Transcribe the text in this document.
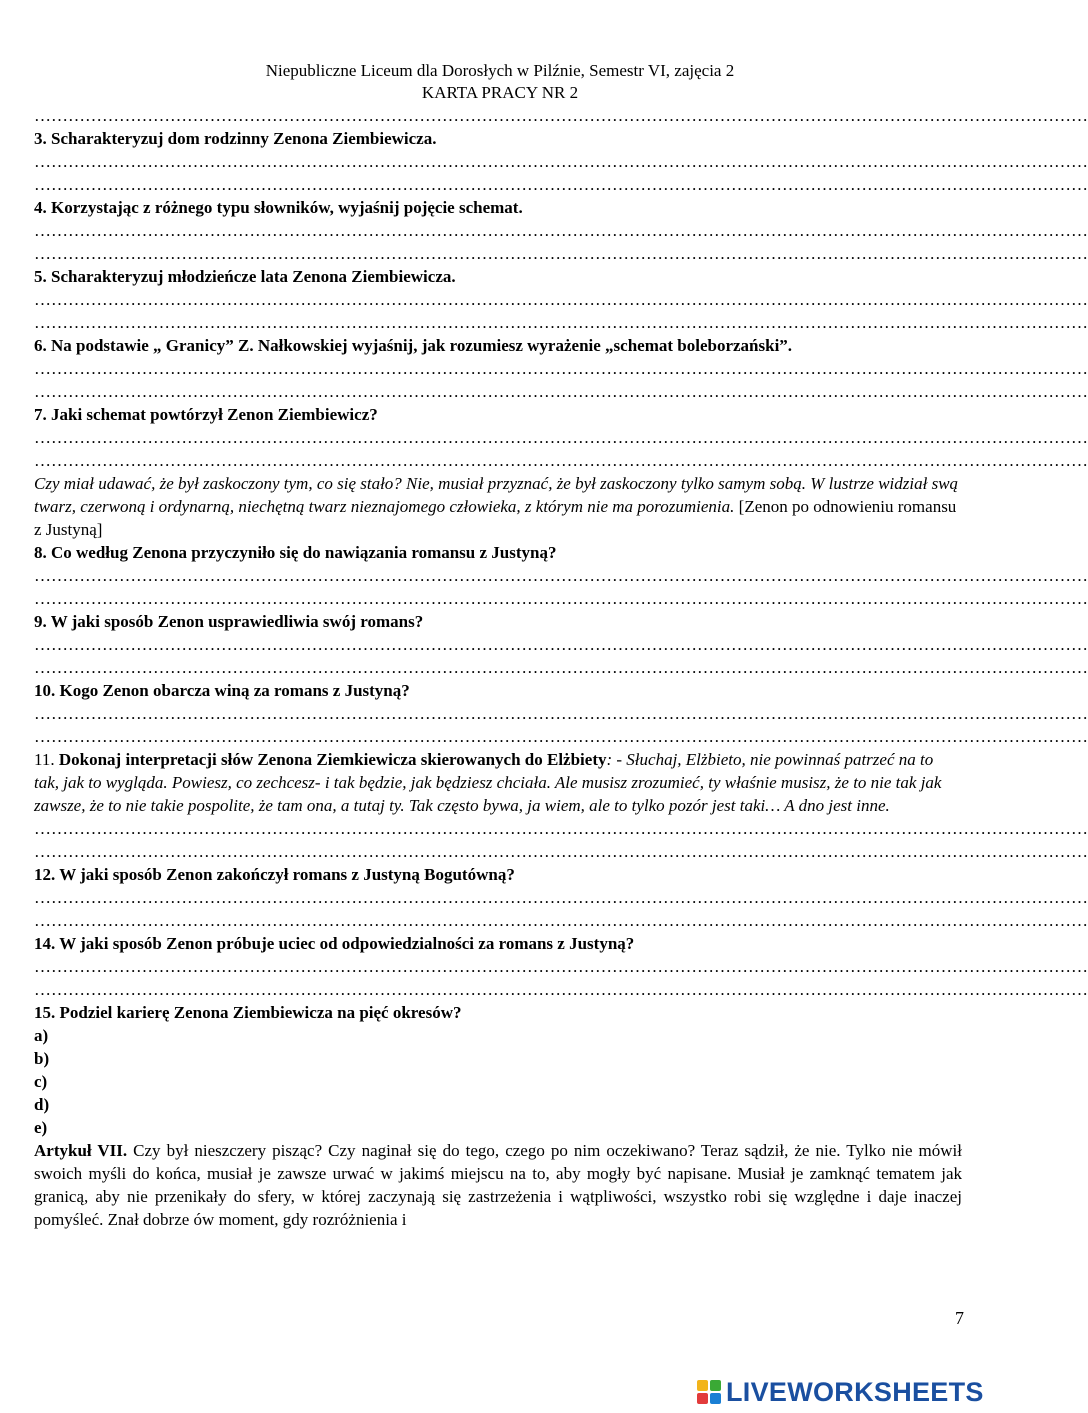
Niepubliczne Liceum dla Dorosłych w Pilźnie, Semestr VI, zajęcia 2
KARTA PRACY NR 2
……………………………………………………………………………………………………………………………………………………………………
3. Scharakteryzuj dom rodzinny Zenona Ziembiewicza.
……………………………………………………………………………………………………………………………………………………………………
……………………………………………………………………………………………………………………………………………………………………
4. Korzystając z różnego typu słowników, wyjaśnij pojęcie schemat.
……………………………………………………………………………………………………………………………………………………………………
……………………………………………………………………………………………………………………………………………………………………
5. Scharakteryzuj młodzieńcze lata Zenona Ziembiewicza.
……………………………………………………………………………………………………………………………………………………………………
……………………………………………………………………………………………………………………………………………………………………
6. Na podstawie „ Granicy” Z. Nałkowskiej wyjaśnij, jak rozumiesz wyrażenie „schemat boleborzański”.
……………………………………………………………………………………………………………………………………………………………………
……………………………………………………………………………………………………………………………………………………………………
7. Jaki schemat powtórzył Zenon Ziembiewicz?
……………………………………………………………………………………………………………………………………………………………………
……………………………………………………………………………………………………………………………………………………………………
Czy miał udawać, że był zaskoczony tym, co się stało? Nie, musiał przyznać, że był zaskoczony tylko samym sobą. W lustrze widział swą twarz, czerwoną i ordynarną, niechętną twarz nieznajomego człowieka, z którym nie ma porozumienia. [Zenon po odnowieniu romansu z Justyną]
8. Co według Zenona przyczyniło się do nawiązania romansu z Justyną?
……………………………………………………………………………………………………………………………………………………………………
……………………………………………………………………………………………………………………………………………………………………
9. W jaki sposób Zenon usprawiedliwia swój romans?
……………………………………………………………………………………………………………………………………………………………………
……………………………………………………………………………………………………………………………………………………………………
10. Kogo Zenon obarcza winą za romans z Justyną?
……………………………………………………………………………………………………………………………………………………………………
……………………………………………………………………………………………………………………………………………………………………
11. Dokonaj interpretacji słów Zenona Ziemkiewicza skierowanych do Elżbiety: - Słuchaj, Elżbieto, nie powinnaś patrzeć na to tak, jak to wygląda. Powiesz, co zechcesz- i tak będzie, jak będziesz chciała. Ale musisz zrozumieć, ty właśnie musisz, że to nie tak jak zawsze, że to nie takie pospolite, że tam ona, a tutaj ty. Tak często bywa, ja wiem, ale to tylko pozór jest taki… A dno jest inne.
……………………………………………………………………………………………………………………………………………………………………
……………………………………………………………………………………………………………………………………………………………………
12. W jaki sposób Zenon zakończył romans z Justyną Bogutówną?
……………………………………………………………………………………………………………………………………………………………………
……………………………………………………………………………………………………………………………………………………………………
14. W jaki sposób Zenon próbuje uciec od odpowiedzialności za romans z Justyną?
……………………………………………………………………………………………………………………………………………………………………
……………………………………………………………………………………………………………………………………………………………………
15. Podziel karierę Zenona Ziembiewicza na pięć okresów?
a)
b)
c)
d)
e)
Artykuł VII. Czy był nieszczery pisząc? Czy naginał się do tego, czego po nim oczekiwano? Teraz sądził, że nie. Tylko nie mówił swoich myśli do końca, musiał je zawsze urwać w jakimś miejscu na to, aby mogły być napisane. Musiał je zamknąć tematem jak granicą, aby nie przenikały do sfery, w której zaczynają się zastrzeżenia i wątpliwości, wszystko robi się względne i daje inaczej pomyśleć. Znał dobrze ów moment, gdy rozróżnienia i
7
LIVEWORKSHEETS
